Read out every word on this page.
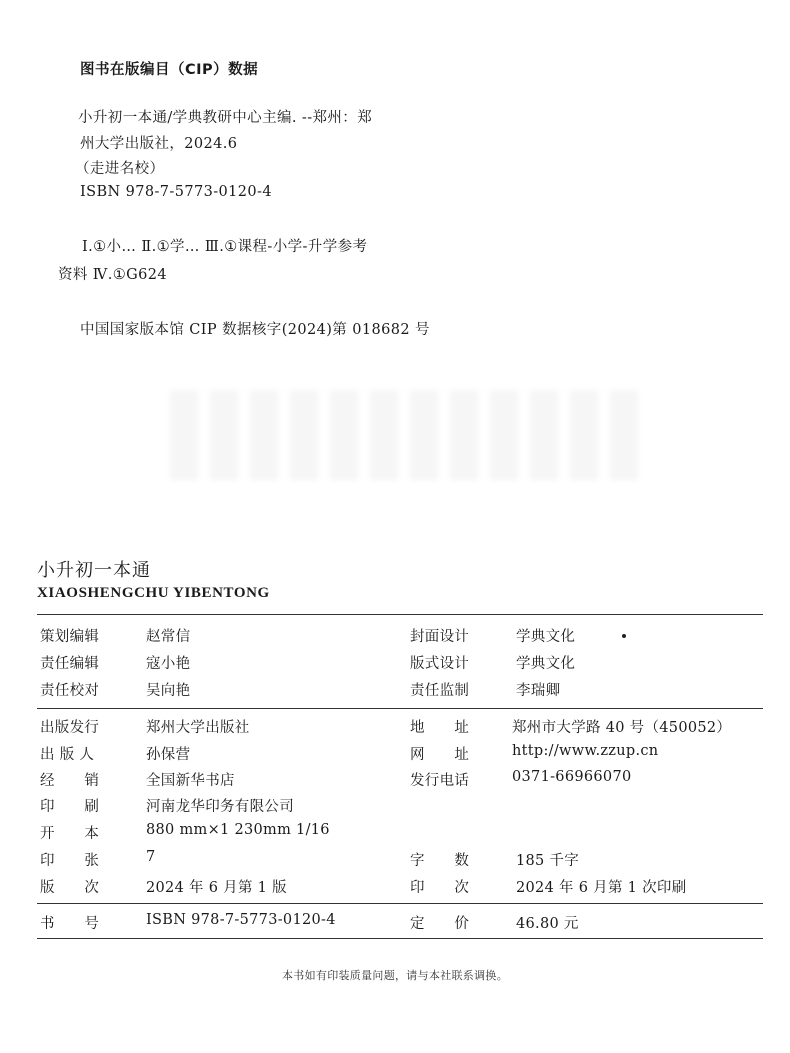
图书在版编目（CIP）数据
小升初一本通/学典教研中心主编. --郑州：郑
州大学出版社，2024.6
（走进名校）
ISBN 978-7-5773-0120-4
Ⅰ.①小… Ⅱ.①学… Ⅲ.①课程-小学-升学参考
资料 Ⅳ.①G624
中国国家版本馆 CIP 数据核字(2024)第 018682 号
小升初一本通
XIAOSHENGCHU YIBENTONG
策划编辑	赵常信	封面设计	学典文化
责任编辑	寇小艳	版式设计	学典文化
责任校对	吴向艳	责任监制	李瑞卿
出版发行	郑州大学出版社	地　　址	郑州市大学路 40 号（450052）
出 版 人	孙保营	网　　址	http://www.zzup.cn
经　　销	全国新华书店	发行电话	0371-66966070
印　　刷	河南龙华印务有限公司
开　　本	880 mm×1 230mm 1/16
印　　张	7	字　　数	185 千字
版　　次	2024 年 6 月第 1 版	印　　次	2024 年 6 月第 1 次印刷
书　　号	ISBN 978-7-5773-0120-4	定　　价	46.80 元
本书如有印装质量问题，请与本社联系调换。
